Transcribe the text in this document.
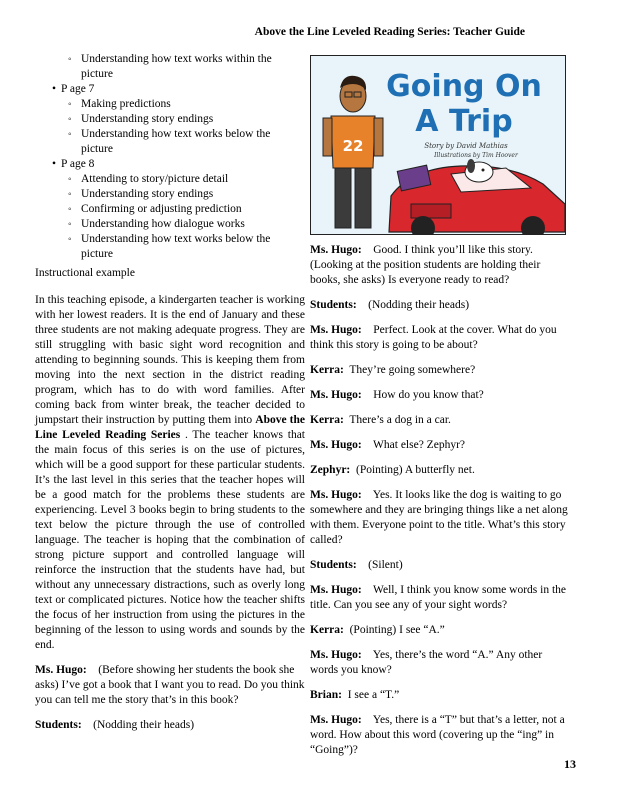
Above the Line Leveled Reading Series: Teacher Guide
◦ Understanding how text works within the picture
• P age 7
◦ Making predictions
◦ Understanding story endings
◦ Understanding how text works below the picture
• P age 8
◦ Attending to story/picture detail
◦ Understanding story endings
◦ Confirming or adjusting prediction
◦ Understanding how dialogue works
◦ Understanding how text works below the picture
Instructional example

In this teaching episode, a kindergarten teacher is working with her lowest readers. It is the end of January and these three students are not making adequate progress. They are still struggling with basic sight word recognition and attending to beginning sounds. This is keeping them from moving into the next section in the district reading program, which has to do with word families. After coming back from winter break, the teacher decided to jumpstart their instruction by putting them into Above the Line Leveled Reading Series . The teacher knows that the main focus of this series is on the use of pictures, which will be a good support for these particular students. It’s the last level in this series that the teacher hopes will be a good match for the problems these students are experiencing. Level 3 books begin to bring students to the text below the picture through the use of controlled language. The teacher is hoping that the combination of strong picture support and controlled language will reinforce the instruction that the students have had, but without any unnecessary distractions, such as overly long text or complicated pictures. Notice how the teacher shifts the focus of her instruction from using the pictures in the beginning of the lesson to using words and sounds by the end.

Ms. Hugo: (Before showing her students the book she asks) I’ve got a book that I want you to read. Do you think you can tell me the story that’s in this book?
Students: (Nodding their heads)
Going On
A Trip
Story by David Mathias
Illustrations by Tim Hoover
22
Ms. Hugo: Good. I think you’ll like this story. (Looking at the position students are holding their books, she asks) Is everyone ready to read?
Students: (Nodding their heads)
Ms. Hugo: Perfect. Look at the cover. What do you think this story is going to be about?
Kerra: They’re going somewhere?
Ms. Hugo: How do you know that?
Kerra: There’s a dog in a car.
Ms. Hugo: What else? Zephyr?
Zephyr: (Pointing) A butterfly net.
Ms. Hugo: Yes. It looks like the dog is waiting to go somewhere and they are bringing things like a net along with them. Everyone point to the title. What’s this story called?
Students: (Silent)
Ms. Hugo: Well, I think you know some words in the title. Can you see any of your sight words?
Kerra: (Pointing) I see “A.”
Ms. Hugo: Yes, there’s the word “A.” Any other words you know?
Brian: I see a “T.”
Ms. Hugo: Yes, there is a “T” but that’s a letter, not a word. How about this word (covering up the “ing” in “Going”)?
13
